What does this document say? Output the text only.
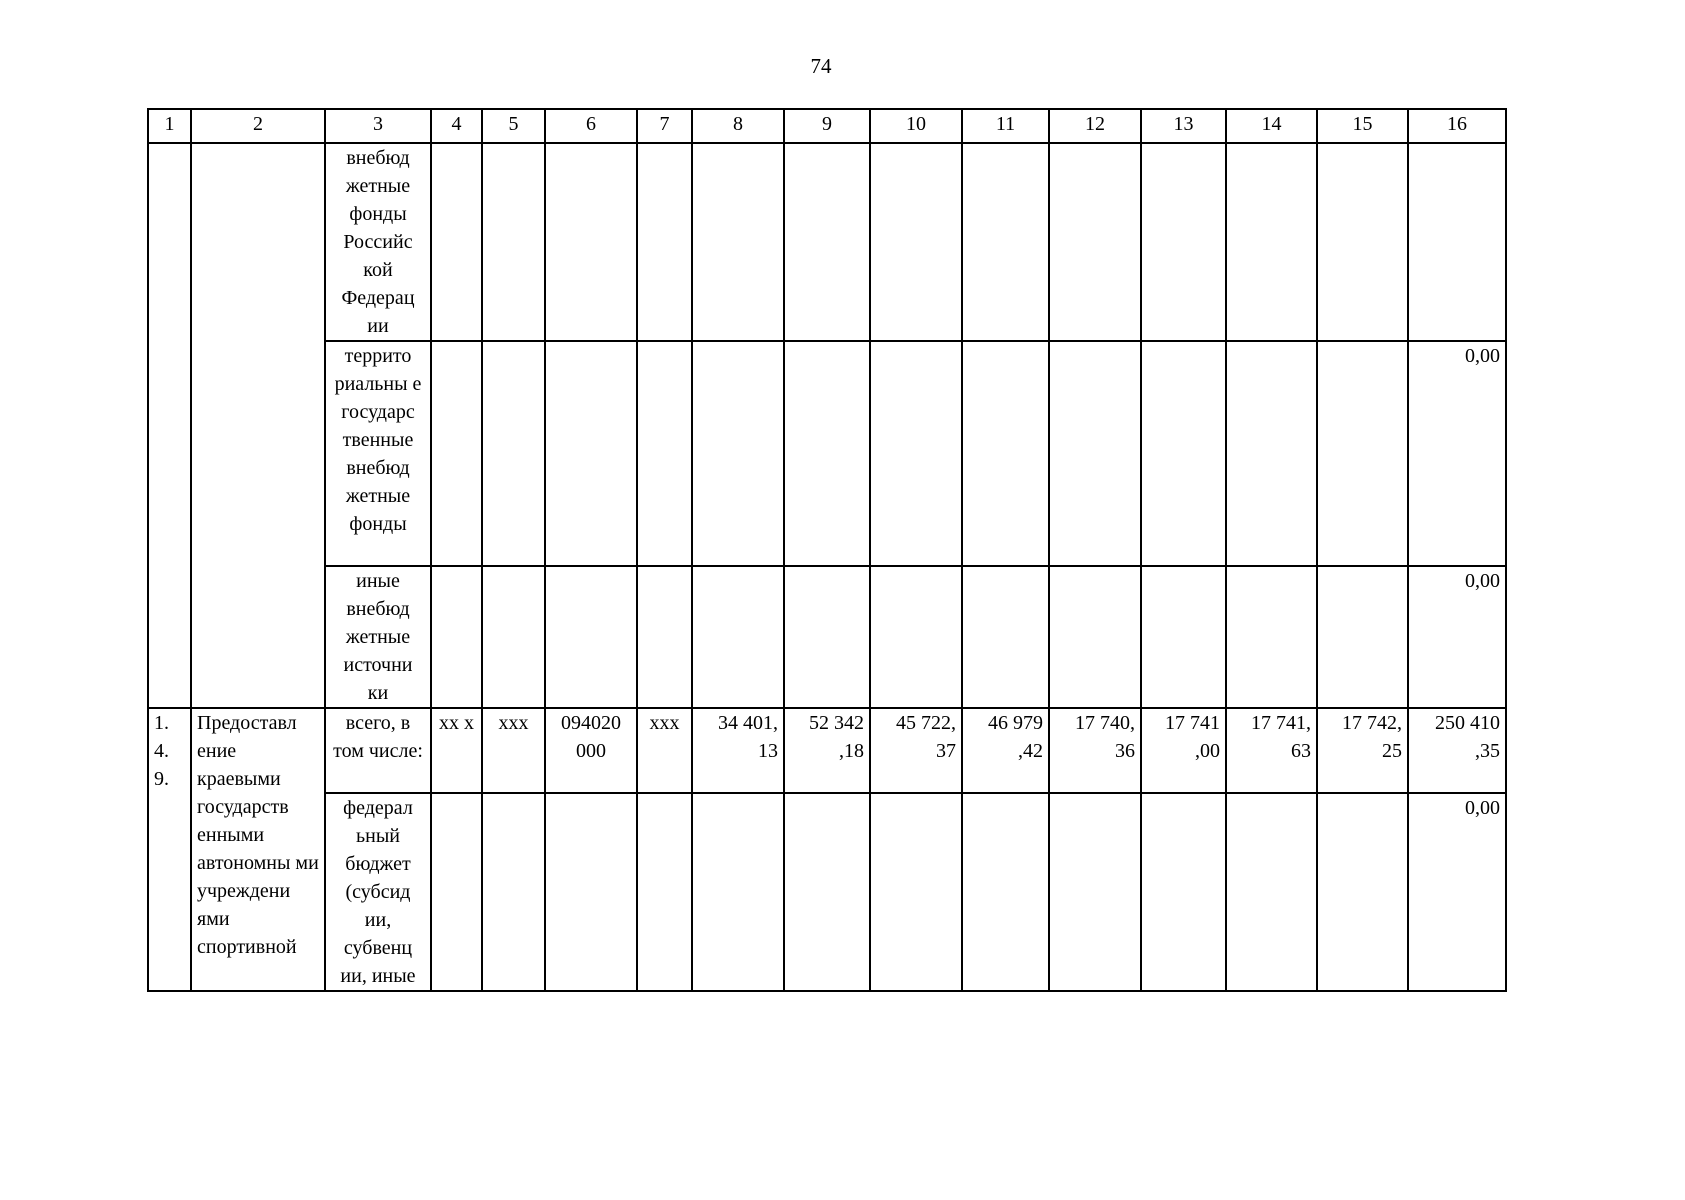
74
1	2	3	4	5	6	7	8	9	10	11	12	13	14	15	16
		внебюд жетные фонды Российс кой Федерац ии													
		террито риальны е государс твенные внебюд жетные фонды													0,00
		иные внебюд жетные источни ки													0,00
1. 4. 9.	Предоставл ение краевыми государств енными автономны ми учреждени ями спортивной	всего, в том числе:	хх х	ххх	094020 000	ххх	34 401, 13	52 342 ,18	45 722, 37	46 979 ,42	17 740, 36	17 741 ,00	17 741, 63	17 742, 25	250 410 ,35
		федерал ьный бюджет (субсид ии, субвенц ии, иные													0,00
